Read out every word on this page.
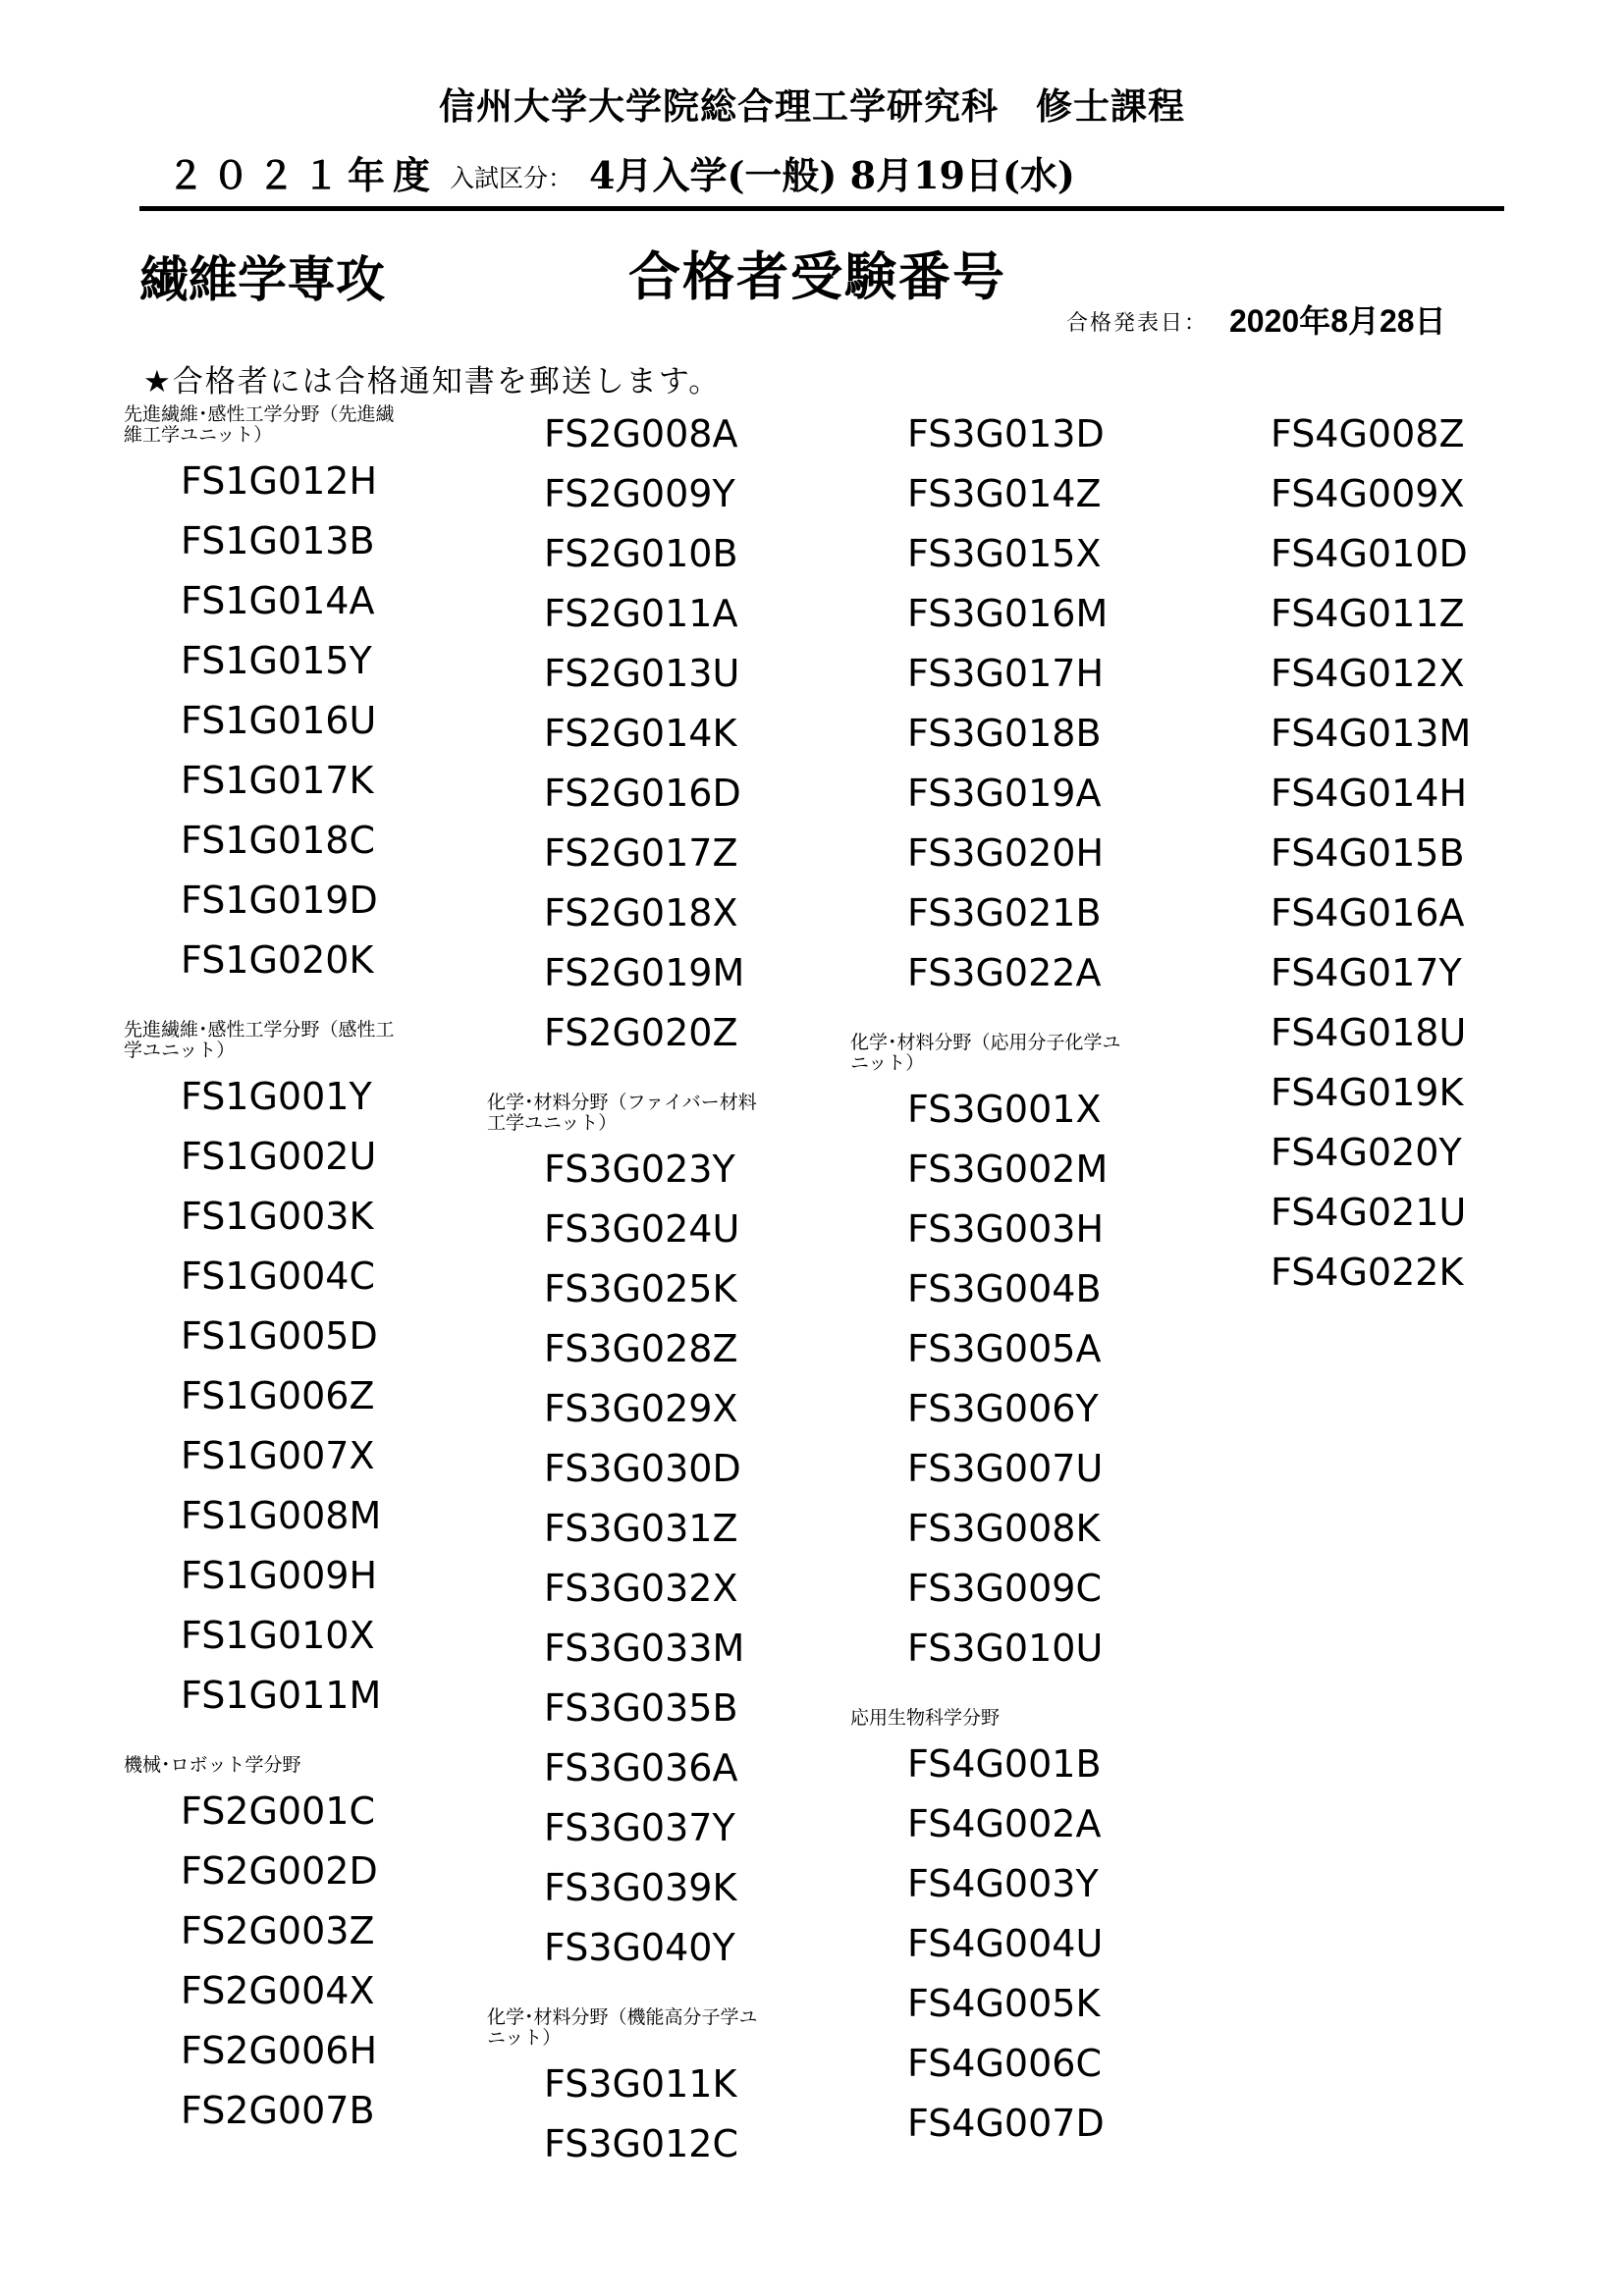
信州大学大学院総合理工学研究科　修士課程
２０２１年度 入試区分： 4月入学(一般) 8月19日(水)
繊維学専攻	合格者受験番号
合格発表日： 2020年8月28日
★合格者には合格通知書を郵送します。
先進繊維･感性工学分野（先進繊維工学ユニット）
FS1G012H
FS1G013B
FS1G014A
FS1G015Y
FS1G016U
FS1G017K
FS1G018C
FS1G019D
FS1G020K
先進繊維･感性工学分野（感性工学ユニット）
FS1G001Y
FS1G002U
FS1G003K
FS1G004C
FS1G005D
FS1G006Z
FS1G007X
FS1G008M
FS1G009H
FS1G010X
FS1G011M
機械･ロボット学分野
FS2G001C
FS2G002D
FS2G003Z
FS2G004X
FS2G006H
FS2G007B
FS2G008A
FS2G009Y
FS2G010B
FS2G011A
FS2G013U
FS2G014K
FS2G016D
FS2G017Z
FS2G018X
FS2G019M
FS2G020Z
化学･材料分野（ファイバー材料工学ユニット）
FS3G023Y
FS3G024U
FS3G025K
FS3G028Z
FS3G029X
FS3G030D
FS3G031Z
FS3G032X
FS3G033M
FS3G035B
FS3G036A
FS3G037Y
FS3G039K
FS3G040Y
化学･材料分野（機能高分子学ユニット）
FS3G011K
FS3G012C
FS3G013D
FS3G014Z
FS3G015X
FS3G016M
FS3G017H
FS3G018B
FS3G019A
FS3G020H
FS3G021B
FS3G022A
化学･材料分野（応用分子化学ユニット）
FS3G001X
FS3G002M
FS3G003H
FS3G004B
FS3G005A
FS3G006Y
FS3G007U
FS3G008K
FS3G009C
FS3G010U
応用生物科学分野
FS4G001B
FS4G002A
FS4G003Y
FS4G004U
FS4G005K
FS4G006C
FS4G007D
FS4G008Z
FS4G009X
FS4G010D
FS4G011Z
FS4G012X
FS4G013M
FS4G014H
FS4G015B
FS4G016A
FS4G017Y
FS4G018U
FS4G019K
FS4G020Y
FS4G021U
FS4G022K
